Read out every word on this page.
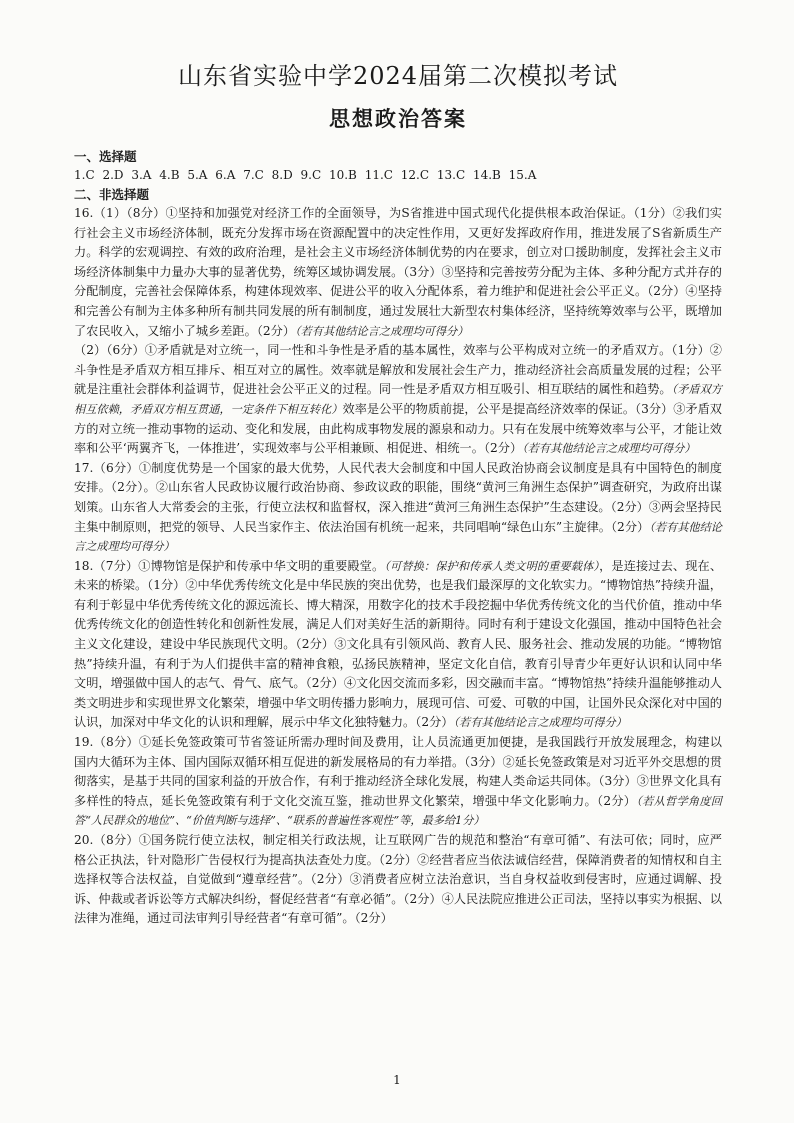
山东省实验中学2024届第二次模拟考试
思想政治答案

一、选择题

1.C 2.D 3.A 4.B 5.A 6.A 7.C 8.D 9.C 10.B 11.C 12.C 13.C 14.B 15.A

二、非选择题

16.（1）（8分）①坚持和加强党对经济工作的全面领导，为S省推进中国式现代化提供根本政治保证。（1分）②我们实行社会主义市场经济体制，既充分发挥市场在资源配置中的决定性作用，又更好发挥政府作用，推进发展了S省新质生产力。科学的宏观调控、有效的政府治理，是社会主义市场经济体制优势的内在要求，创立对口援助制度，发挥社会主义市场经济体制集中力量办大事的显著优势，统筹区域协调发展。（3分）③坚持和完善按劳分配为主体、多种分配方式并存的分配制度，完善社会保障体系，构建体现效率、促进公平的收入分配体系，着力维护和促进社会公平正义。（2分）④坚持和完善公有制为主体多种所有制共同发展的所有制制度，通过发展壮大新型农村集体经济，坚持统筹效率与公平，既增加了农民收入，又缩小了城乡差距。（2分）（若有其他结论言之成理均可得分）

（2）（6分）①矛盾就是对立统一，同一性和斗争性是矛盾的基本属性，效率与公平构成对立统一的矛盾双方。（1分）②斗争性是矛盾双方相互排斥、相互对立的属性。效率就是解放和发展社会生产力，推动经济社会高质量发展的过程；公平就是注重社会群体利益调节，促进社会公平正义的过程。同一性是矛盾双方相互吸引、相互联结的属性和趋势。（矛盾双方相互依赖，矛盾双方相互贯通，一定条件下相互转化）效率是公平的物质前提，公平是提高经济效率的保证。（3分）③矛盾双方的对立统一推动事物的运动、变化和发展，由此构成事物发展的源泉和动力。只有在发展中统筹效率与公平，才能让效率和公平‘两翼齐飞，一体推进’，实现效率与公平相兼顾、相促进、相统一。（2分）（若有其他结论言之成理均可得分）

17.（6分）①制度优势是一个国家的最大优势，人民代表大会制度和中国人民政治协商会议制度是具有中国特色的制度安排。（2分）。②山东省人民政协议履行政治协商、参政议政的职能，围绕“黄河三角洲生态保护”调查研究，为政府出谋划策。山东省人大常委会的主张，行使立法权和监督权，深入推进“黄河三角洲生态保护”生态建设。（2分）③两会坚持民主集中制原则，把党的领导、人民当家作主、依法治国有机统一起来，共同唱响“绿色山东”主旋律。（2分）（若有其他结论言之成理均可得分）

18.（7分）①博物馆是保护和传承中华文明的重要殿堂。（可替换：保护和传承人类文明的重要载体），是连接过去、现在、未来的桥梁。（1分）②中华优秀传统文化是中华民族的突出优势，也是我们最深厚的文化软实力。“博物馆热”持续升温，有利于彰显中华优秀传统文化的源远流长、博大精深，用数字化的技术手段挖掘中华优秀传统文化的当代价值，推动中华优秀传统文化的创造性转化和创新性发展，满足人们对美好生活的新期待。同时有利于建设文化强国，推动中国特色社会主义文化建设，建设中华民族现代文明。（2分）③文化具有引领风尚、教育人民、服务社会、推动发展的功能。“博物馆热”持续升温，有利于为人们提供丰富的精神食粮，弘扬民族精神，坚定文化自信，教育引导青少年更好认识和认同中华文明，增强做中国人的志气、骨气、底气。（2分）④文化因交流而多彩，因交融而丰富。“博物馆热”持续升温能够推动人类文明进步和实现世界文化繁荣，增强中华文明传播力影响力，展现可信、可爱、可敬的中国，让国外民众深化对中国的认识，加深对中华文化的认识和理解，展示中华文化独特魅力。（2分）（若有其他结论言之成理均可得分）

19.（8分）①延长免签政策可节省签证所需办理时间及费用，让人员流通更加便捷，是我国践行开放发展理念，构建以国内大循环为主体、国内国际双循环相互促进的新发展格局的有力举措。（3分）②延长免签政策是对习近平外交思想的贯彻落实，是基于共同的国家利益的开放合作，有利于推动经济全球化发展，构建人类命运共同体。（3分）③世界文化具有多样性的特点，延长免签政策有利于文化交流互鉴，推动世界文化繁荣，增强中华文化影响力。（2分）（若从哲学角度回答“人民群众的地位”、“价值判断与选择”、“联系的普遍性客观性”等，最多给1分）

20.（8分）①国务院行使立法权，制定相关行政法规，让互联网广告的规范和整治“有章可循”、有法可依；同时，应严格公正执法，针对隐形广告侵权行为提高执法查处力度。（2分）②经营者应当依法诚信经营，保障消费者的知情权和自主选择权等合法权益，自觉做到“遵章经营”。（2分）③消费者应树立法治意识，当自身权益收到侵害时，应通过调解、投诉、仲裁或者诉讼等方式解决纠纷，督促经营者“有章必循”。（2分）④人民法院应推进公正司法，坚持以事实为根据、以法律为准绳，通过司法审判引导经营者“有章可循”。（2分）

1
